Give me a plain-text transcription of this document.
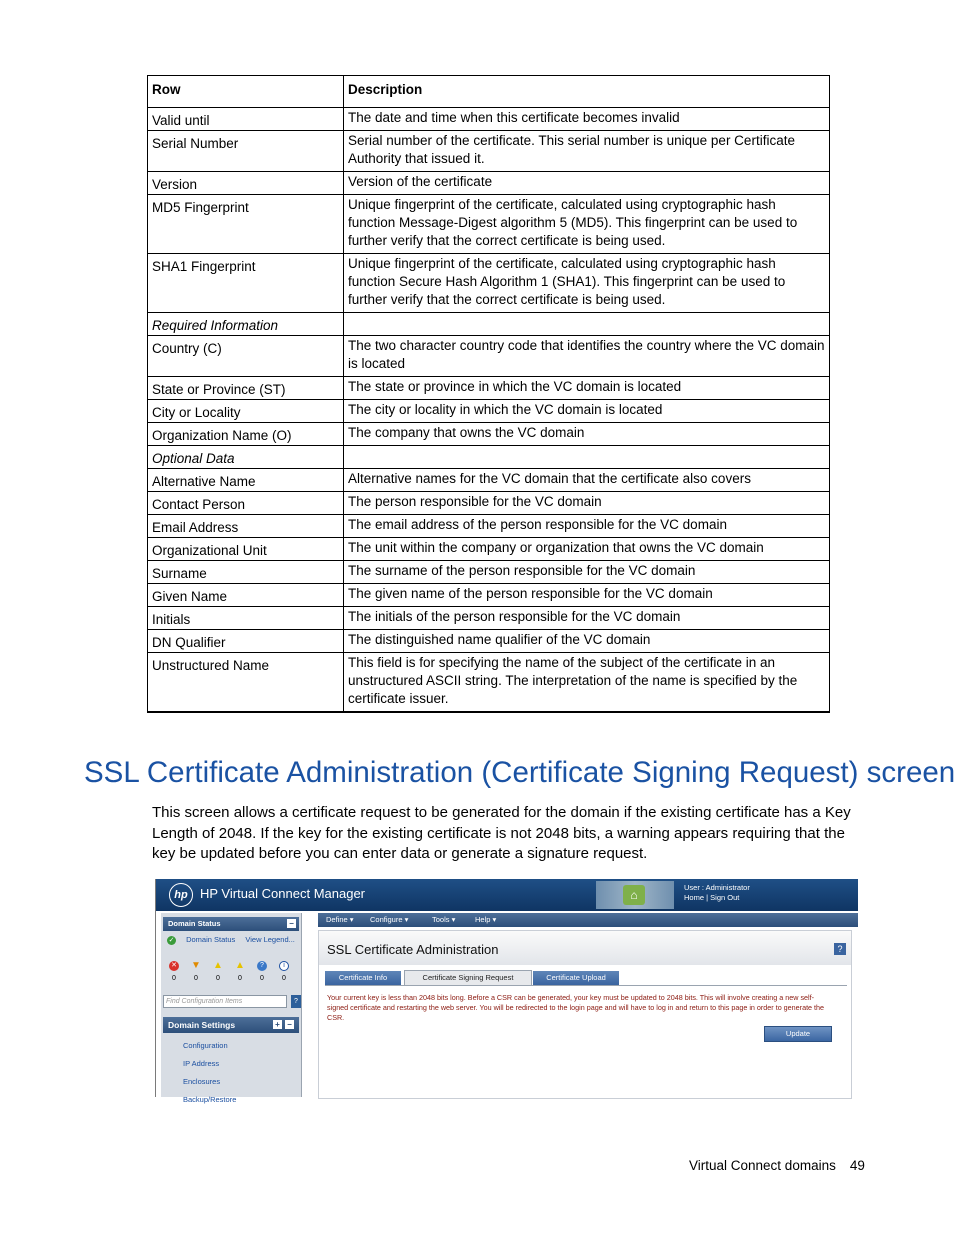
Row	Description
Valid until	The date and time when this certificate becomes invalid
Serial Number	Serial number of the certificate. This serial number is unique per Certificate Authority that issued it.
Version	Version of the certificate
MD5 Fingerprint	Unique fingerprint of the certificate, calculated using cryptographic hash function Message-Digest algorithm 5 (MD5). This fingerprint can be used to further verify that the correct certificate is being used.
SHA1 Fingerprint	Unique fingerprint of the certificate, calculated using cryptographic hash function Secure Hash Algorithm 1 (SHA1). This fingerprint can be used to further verify that the correct certificate is being used.
Required Information	
Country (C)	The two character country code that identifies the country where the VC domain is located
State or Province (ST)	The state or province in which the VC domain is located
City or Locality	The city or locality in which the VC domain is located
Organization Name (O)	The company that owns the VC domain
Optional Data	
Alternative Name	Alternative names for the VC domain that the certificate also covers
Contact Person	The person responsible for the VC domain
Email Address	The email address of the person responsible for the VC domain
Organizational Unit	The unit within the company or organization that owns the VC domain
Surname	The surname of the person responsible for the VC domain
Given Name	The given name of the person responsible for the VC domain
Initials	The initials of the person responsible for the VC domain
DN Qualifier	The distinguished name qualifier of the VC domain
Unstructured Name	This field is for specifying the name of the subject of the certificate in an unstructured ASCII string. The interpretation of the name is specified by the certificate issuer.
SSL Certificate Administration (Certificate Signing Request) screen

This screen allows a certificate request to be generated for the domain if the existing certificate has a Key Length of 2048. If the key for the existing certificate is not 2048 bits, a warning appears requiring that the key be updated before you can enter data or generate a signature request.

hp HP Virtual Connect Manager	⌂
User : Administrator
Home | Sign Out
Domain Status	−
✓ Domain Status View Legend...
✕ ▼ ▲ ▲	?	i
0	0	0	0	0	0
Find Configuration Items	?
Domain Settings	+ −
Configuration
IP Address
Enclosures
Backup/Restore
Define ▾ Configure ▾	Tools ▾	Help ▾
SSL Certificate Administration	?
Certificate Info	Certificate Signing Request	Certificate Upload
Your current key is less than 2048 bits long. Before a CSR can be generated, your key must be updated to 2048 bits. This will involve creating a new self-signed certificate and restarting the web server. You will be redirected to the login page and will have to log in and return to this page in order to generate the CSR.
Update
Virtual Connect domains 49
